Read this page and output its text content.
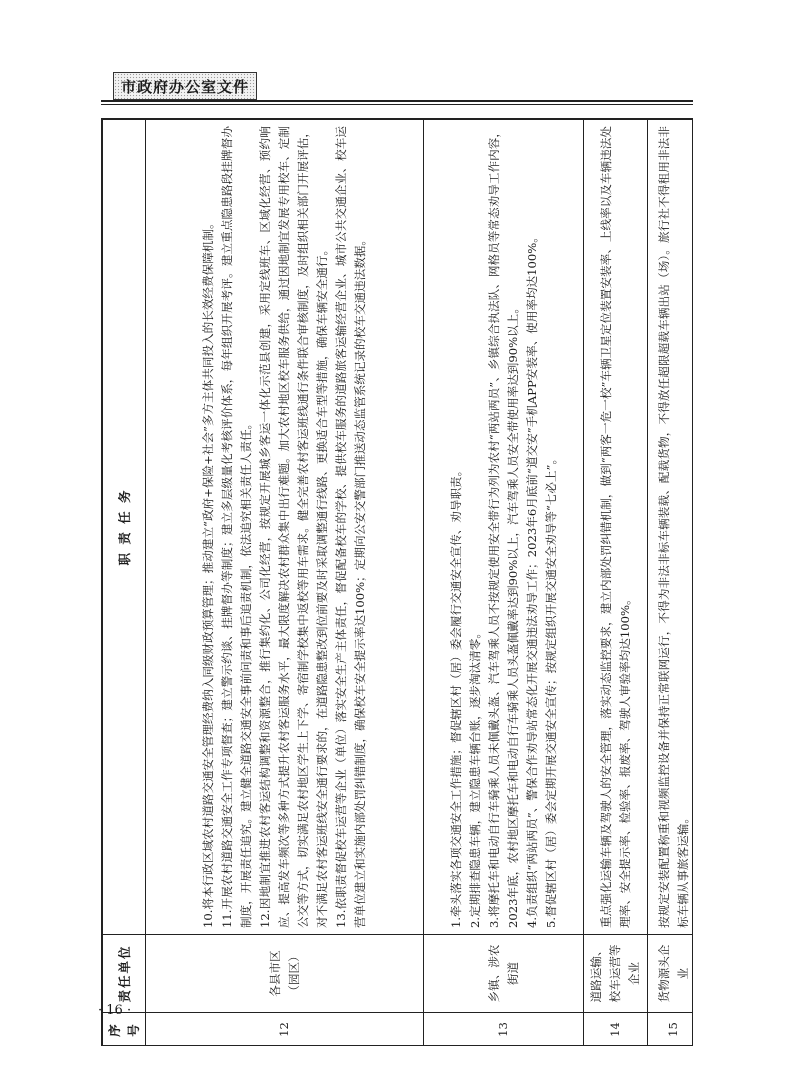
市政府办公室文件
序号	责任单位	职 责 任 务
12	各县市区（园区）	10.将本行政区域农村道路交通安全管理经费纳入同级财政预算管理；推动建立“政府+保险+社会”多方主体共同投入的长效经费保障机制。 11.开展农村道路交通安全工作专项督查；建立警示约谈、挂牌督办等制度；建立多层级量化考核评价体系，每年组织开展考评。建立重点隐患路段挂牌督办制度，开展责任追究。建立健全道路交通安全事前问责和事后追责机制，依法追究相关责任人责任。 12.因地制宜推进农村客运结构调整和资源整合，推行集约化、公司化经营，按规定开展城乡客运一体化示范县创建，采用定线班车、区域化经营、预约响应、提高发车频次等多种方式提升农村客运服务水平，最大限度解决农村群众集中出行难题。加大农村地区校车服务供给，通过因地制宜发展专用校车、定制公交等方式，切实满足农村地区学生上下学、寄宿制学校集中返校等用车需求。健全完善农村客运班线通行条件联合审核制度，及时组织相关部门开展评估，对不满足农村客运班线安全通行要求的，在道路隐患整改到位前要及时采取调整通行线路、更换适合车型等措施，确保车辆安全通行。 13.依职责督促校车运营等企业（单位）落实安全生产主体责任，督促配备校车的学校、提供校车服务的道路旅客运输经营企业、城市公共交通企业、校车运营单位建立和实施内部处罚纠错制度，确保校车安全提示率达100%；定期向公安交警部门推送动态监管系统记录的校车交通违法数据。

13	乡镇、涉农街道	1.牵头落实各项交通安全工作措施；督促辖区村（居）委会履行交通安全宣传、劝导职责。 2.定期排查隐患车辆，建立隐患车辆台账，逐步淘汰清零。 3.将摩托车和电动自行车骑乘人员未佩戴头盔、汽车驾乘人员不按规定使用安全带行为列为农村“两站两员”、乡镇综合执法队、网格员等常态劝导工作内容，2023年底，农村地区摩托车和电动自行车骑乘人员头盔佩戴率达到90%以上，汽车驾乘人员安全带使用率达到90%以上。 4.负责组织“两站两员”、警保合作劝导站常态化开展交通违法劝导工作；2023年6月底前“道交安”手机APP安装率、使用率均达100%。 5.督促辖区村（居）委会定期开展交通安全宣传；按规定组织开展交通安全劝导等“七必上”。

14	道路运输、校车运营等企业	重点强化运输车辆及驾驶人的安全管理，落实动态监控要求，建立内部处罚纠错机制，做到“两客一危一校”车辆卫星定位装置安装率、上线率以及车辆违法处理率、安全提示率、检验率、报废率、驾驶人审验率均达100%。

15	货物源头企业	按规定安装配置称重和视频监控设备并保持正常联网运行，不得为非法非标车辆装载、配载货物，不得放任超限超载车辆出站（场）。旅行社不得租用非法非标车辆从事旅客运输。

· 16 ·
